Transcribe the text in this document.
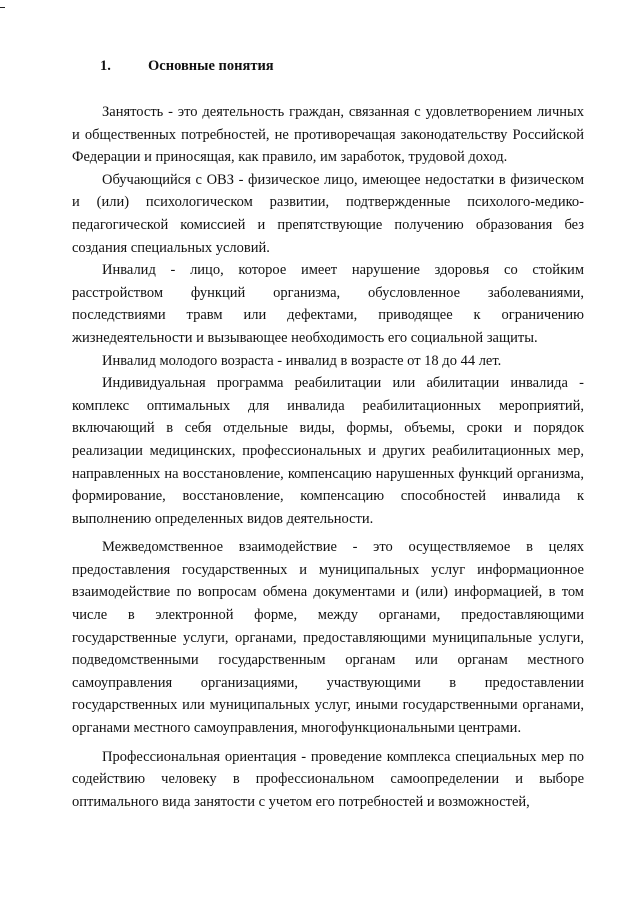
1.	Основные понятия

Занятость - это деятельность граждан, связанная с удовлетворением личных и общественных потребностей, не противоречащая законодательству Российской Федерации и приносящая, как правило, им заработок, трудовой доход.

Обучающийся с ОВЗ - физическое лицо, имеющее недостатки в физическом и (или) психологическом развитии, подтвержденные психолого-медико-педагогической комиссией и препятствующие получению образования без создания специальных условий.

Инвалид - лицо, которое имеет нарушение здоровья со стойким расстройством функций организма, обусловленное заболеваниями, последствиями травм или дефектами, приводящее к ограничению жизнедеятельности и вызывающее необходимость его социальной защиты.

Инвалид молодого возраста - инвалид в возрасте от 18 до 44 лет.

Индивидуальная программа реабилитации или абилитации инвалида - комплекс оптимальных для инвалида реабилитационных мероприятий, включающий в себя отдельные виды, формы, объемы, сроки и порядок реализации медицинских, профессиональных и других реабилитационных мер, направленных на восстановление, компенсацию нарушенных функций организма, формирование, восстановление, компенсацию способностей инвалида к выполнению определенных видов деятельности.

Межведомственное взаимодействие - это осуществляемое в целях предоставления государственных и муниципальных услуг информационное взаимодействие по вопросам обмена документами и (или) информацией, в том числе в электронной форме, между органами, предоставляющими государственные услуги, органами, предоставляющими муниципальные услуги, подведомственными государственным органам или органам местного самоуправления организациями, участвующими в предоставлении государственных или муниципальных услуг, иными государственными органами, органами местного самоуправления, многофункциональными центрами.

Профессиональная ориентация - проведение комплекса специальных мер по содействию человеку в профессиональном самоопределении и выборе оптимального вида занятости с учетом его потребностей и возможностей,
